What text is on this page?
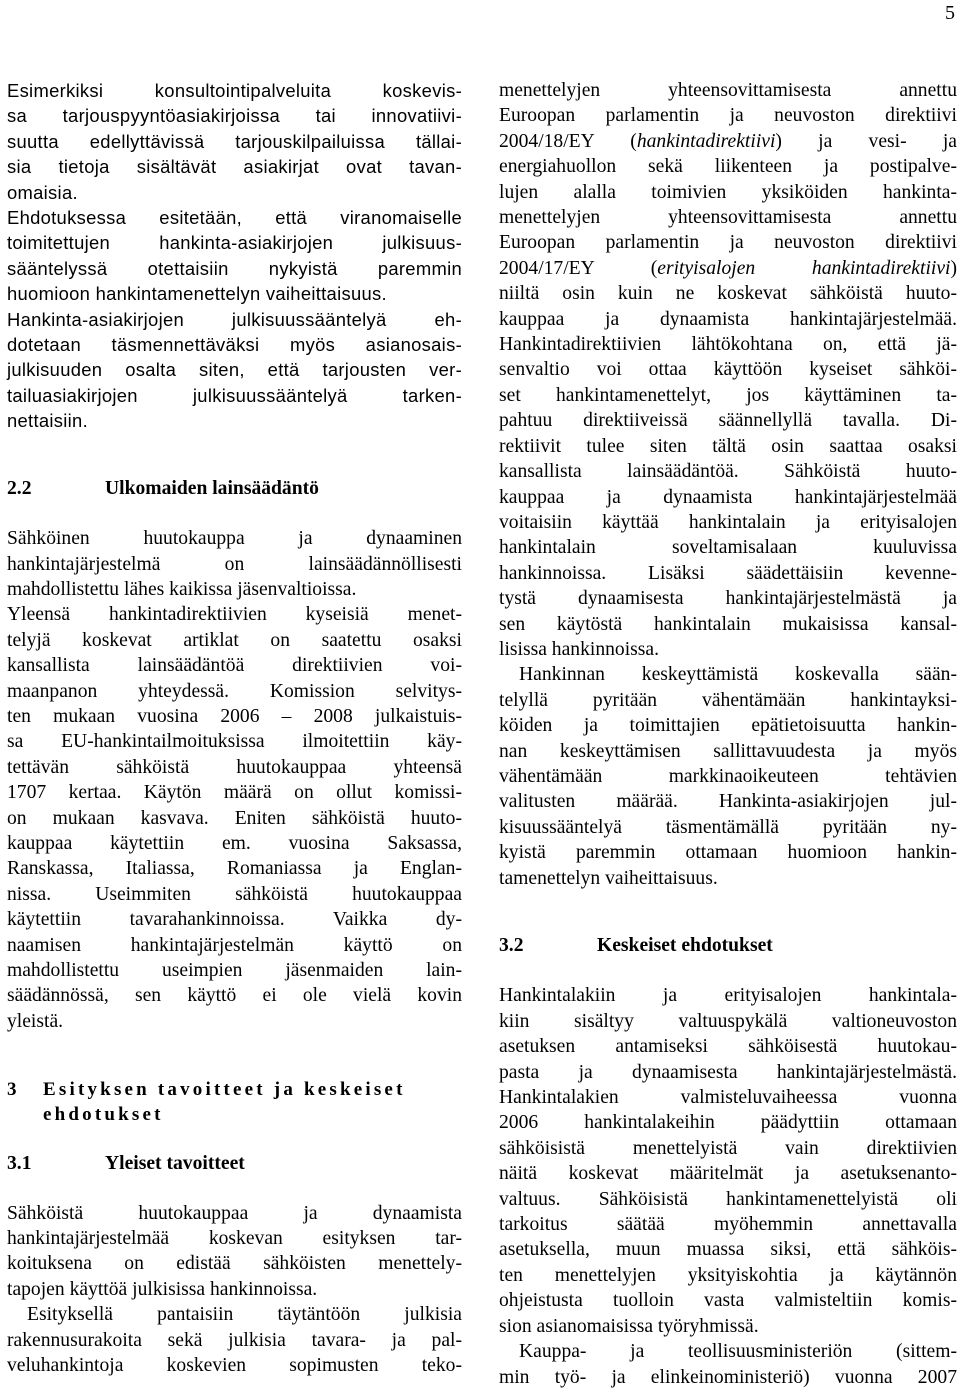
5
Esimerkiksi konsultointipalveluita koskevis-
sa tarjouspyyntöasiakirjoissa tai innovatiivi-
suutta edellyttävissä tarjouskilpailuissa tällai-
sia tietoja sisältävät asiakirjat ovat tavan-
omaisia.
Ehdotuksessa esitetään, että viranomaiselle
toimitettujen hankinta-asiakirjojen julkisuus-
sääntelyssä otettaisiin nykyistä paremmin
huomioon hankintamenettelyn vaiheittaisuus.
Hankinta-asiakirjojen julkisuussääntelyä eh-
dotetaan täsmennettäväksi myös asianosais-
julkisuuden osalta siten, että tarjousten ver-
tailuasiakirjojen julkisuussääntelyä tarken-
nettaisiin.
2.2	Ulkomaiden lainsäädäntö
Sähköinen huutokauppa ja dynaaminen
hankintajärjestelmä on lainsäädännöllisesti
mahdollistettu lähes kaikissa jäsenvaltioissa.
Yleensä hankintadirektiivien kyseisiä menet-
telyjä koskevat artiklat on saatettu osaksi
kansallista lainsäädäntöä direktiivien voi-
maanpanon yhteydessä. Komission selvitys-
ten mukaan vuosina 2006 – 2008 julkaistuis-
sa EU-hankintailmoituksissa ilmoitettiin käy-
tettävän sähköistä huutokauppaa yhteensä
1707 kertaa. Käytön määrä on ollut komissi-
on mukaan kasvava. Eniten sähköistä huuto-
kauppaa käytettiin em. vuosina Saksassa,
Ranskassa, Italiassa, Romaniassa ja Englan-
nissa. Useimmiten sähköistä huutokauppaa
käytettiin tavarahankinnoissa. Vaikka dy-
naamisen hankintajärjestelmän käyttö on
mahdollistettu useimpien jäsenmaiden lain-
säädännössä, sen käyttö ei ole vielä kovin
yleistä.
3 Esityksen tavoitteet ja keskeiset
ehdotukset
3.1	Yleiset tavoitteet
Sähköistä huutokauppaa ja dynaamista
hankintajärjestelmää koskevan esityksen tar-
koituksena on edistää sähköisten menettely-
tapojen käyttöä julkisissa hankinnoissa.
Esityksellä pantaisiin täytäntöön julkisia
rakennusurakoita sekä julkisia tavara- ja pal-
veluhankintoja koskevien sopimusten teko-
menettelyjen yhteensovittamisesta annettu
Euroopan parlamentin ja neuvoston direktiivi
2004/18/EY (hankintadirektiivi) ja vesi- ja
energiahuollon sekä liikenteen ja postipalve-
lujen alalla toimivien yksiköiden hankinta-
menettelyjen yhteensovittamisesta annettu
Euroopan parlamentin ja neuvoston direktiivi
2004/17/EY (erityisalojen hankintadirektiivi)
niiltä osin kuin ne koskevat sähköistä huuto-
kauppaa ja dynaamista hankintajärjestelmää.
Hankintadirektiivien lähtökohtana on, että jä-
senvaltio voi ottaa käyttöön kyseiset sähköi-
set hankintamenettelyt, jos käyttäminen ta-
pahtuu direktiiveissä säännellyllä tavalla. Di-
rektiivit tulee siten tältä osin saattaa osaksi
kansallista lainsäädäntöä. Sähköistä huuto-
kauppaa ja dynaamista hankintajärjestelmää
voitaisiin käyttää hankintalain ja erityisalojen
hankintalain soveltamisalaan kuuluvissa
hankinnoissa. Lisäksi säädettäisiin kevenne-
tystä dynaamisesta hankintajärjestelmästä ja
sen käytöstä hankintalain mukaisissa kansal-
lisissa hankinnoissa.
Hankinnan keskeyttämistä koskevalla sään-
telyllä pyritään vähentämään hankintayksi-
köiden ja toimittajien epätietoisuutta hankin-
nan keskeyttämisen sallittavuudesta ja myös
vähentämään markkinaoikeuteen tehtävien
valitusten määrää. Hankinta-asiakirjojen jul-
kisuussääntelyä täsmentämällä pyritään ny-
kyistä paremmin ottamaan huomioon hankin-
tamenettelyn vaiheittaisuus.
3.2	Keskeiset ehdotukset
Hankintalakiin ja erityisalojen hankintala-
kiin sisältyy valtuuspykälä valtioneuvoston
asetuksen antamiseksi sähköisestä huutokau-
pasta ja dynaamisesta hankintajärjestelmästä.
Hankintalakien valmisteluvaiheessa vuonna
2006 hankintalakeihin päädyttiin ottamaan
sähköisistä menettelyistä vain direktiivien
näitä koskevat määritelmät ja asetuksenanto-
valtuus. Sähköisistä hankintamenettelyistä oli
tarkoitus säätää myöhemmin annettavalla
asetuksella, muun muassa siksi, että sähköis-
ten menettelyjen yksityiskohtia ja käytännön
ohjeistusta tuolloin vasta valmisteltiin komis-
sion asianomaisissa työryhmissä.
Kauppa- ja teollisuusministeriön (sittem-
min työ- ja elinkeinoministeriö) vuonna 2007
